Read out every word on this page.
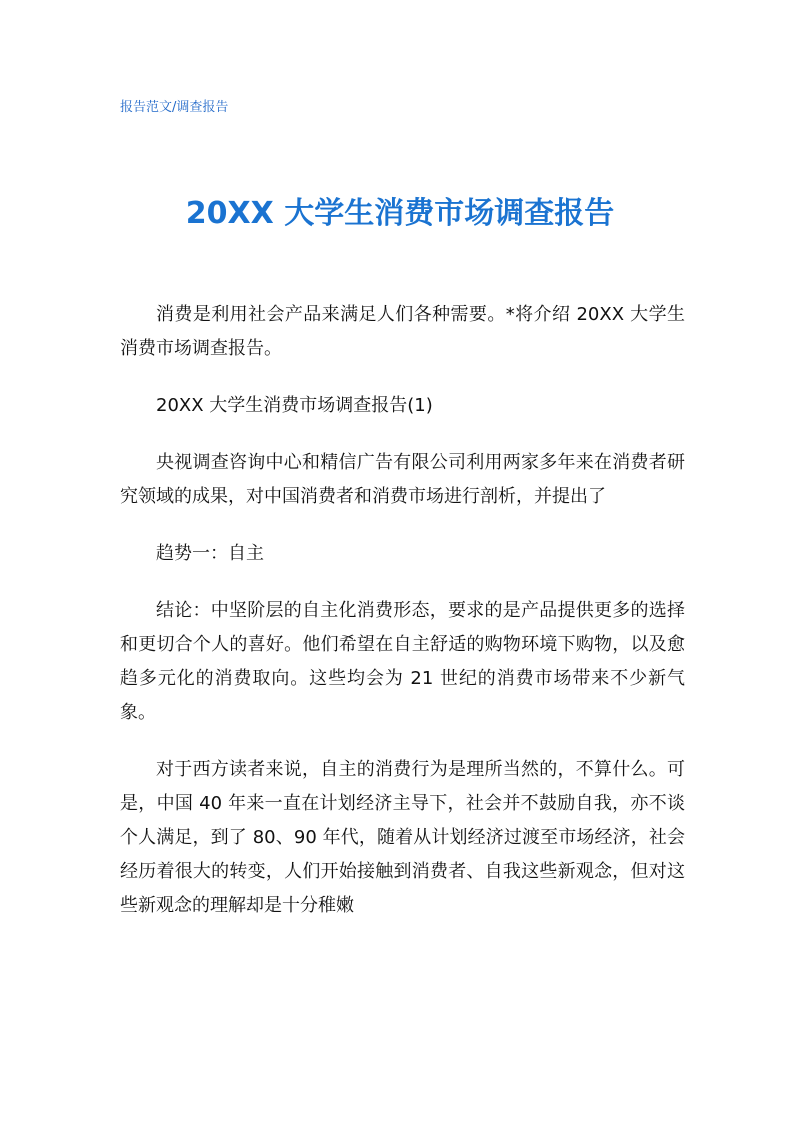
报告范文/调查报告
20XX 大学生消费市场调查报告

消费是利用社会产品来满足人们各种需要。*将介绍 20XX 大学生消费市场调查报告。

20XX 大学生消费市场调查报告(1)

央视调查咨询中心和精信广告有限公司利用两家多年来在消费者研究领域的成果，对中国消费者和消费市场进行剖析，并提出了

趋势一：自主

结论：中坚阶层的自主化消费形态，要求的是产品提供更多的选择和更切合个人的喜好。他们希望在自主舒适的购物环境下购物，以及愈趋多元化的消费取向。这些均会为 21 世纪的消费市场带来不少新气象。

对于西方读者来说，自主的消费行为是理所当然的，不算什么。可是，中国 40 年来一直在计划经济主导下，社会并不鼓励自我，亦不谈个人满足，到了 80、90 年代，随着从计划经济过渡至市场经济，社会经历着很大的转变，人们开始接触到消费者、自我这些新观念，但对这些新观念的理解却是十分稚嫩
